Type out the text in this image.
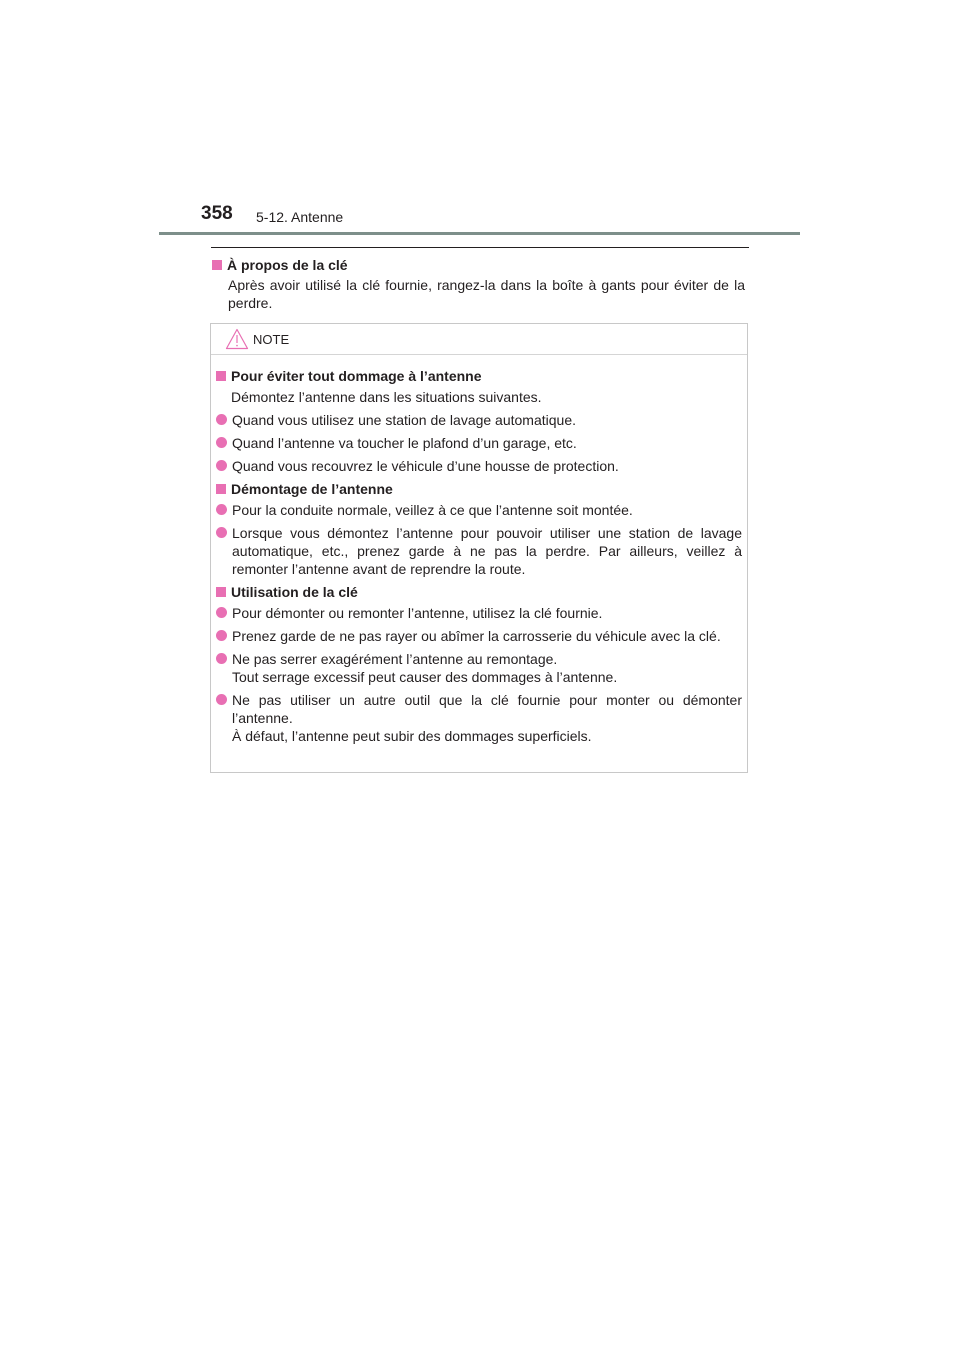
358 5-12. Antenne
À propos de la clé
Après avoir utilisé la clé fournie, rangez-la dans la boîte à gants pour éviter de la perdre.
NOTE
Pour éviter tout dommage à l’antenne
Démontez l’antenne dans les situations suivantes.
Quand vous utilisez une station de lavage automatique.
Quand l’antenne va toucher le plafond d’un garage, etc.
Quand vous recouvrez le véhicule d’une housse de protection.
Démontage de l’antenne
Pour la conduite normale, veillez à ce que l’antenne soit montée.
Lorsque vous démontez l’antenne pour pouvoir utiliser une station de lavage automatique, etc., prenez garde à ne pas la perdre. Par ailleurs, veillez à remonter l’antenne avant de reprendre la route.
Utilisation de la clé
Pour démonter ou remonter l’antenne, utilisez la clé fournie.
Prenez garde de ne pas rayer ou abîmer la carrosserie du véhicule avec la clé.
Ne pas serrer exagérément l’antenne au remontage.
Tout serrage excessif peut causer des dommages à l’antenne.
Ne pas utiliser un autre outil que la clé fournie pour monter ou démonter l’antenne.
À défaut, l’antenne peut subir des dommages superficiels.
